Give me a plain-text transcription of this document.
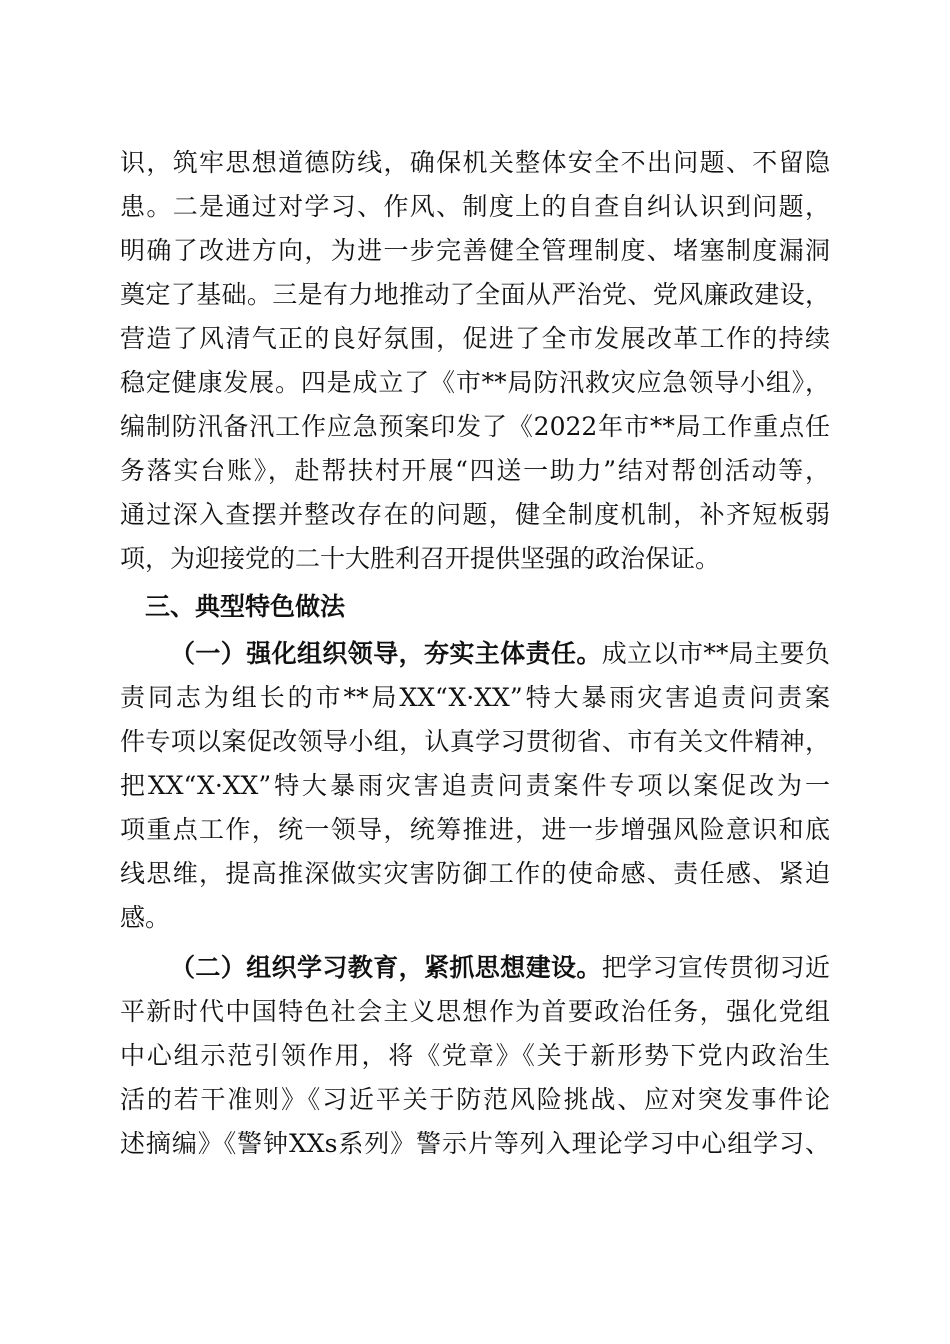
识，筑牢思想道德防线，确保机关整体安全不出问题、不留隐
患。二是通过对学习、作风、制度上的自查自纠认识到问题，
明确了改进方向，为进一步完善健全管理制度、堵塞制度漏洞
奠定了基础。三是有力地推动了全面从严治党、党风廉政建设，
营造了风清气正的良好氛围，促进了全市发展改革工作的持续
稳定健康发展。四是成立了《市**局防汛救灾应急领导小组》，
编制防汛备汛工作应急预案印发了《2022年市**局工作重点任
务落实台账》，赴帮扶村开展“四送一助力”结对帮创活动等，
通过深入查摆并整改存在的问题，健全制度机制，补齐短板弱
项，为迎接党的二十大胜利召开提供坚强的政治保证。
三、典型特色做法
（一）强化组织领导，夯实主体责任。成立以市**局主要负
责同志为组长的市**局XX“X·XX”特大暴雨灾害追责问责案
件专项以案促改领导小组，认真学习贯彻省、市有关文件精神，
把XX“X·XX”特大暴雨灾害追责问责案件专项以案促改为一
项重点工作，统一领导，统筹推进，进一步增强风险意识和底
线思维，提高推深做实灾害防御工作的使命感、责任感、紧迫
感。
（二）组织学习教育，紧抓思想建设。把学习宣传贯彻习近
平新时代中国特色社会主义思想作为首要政治任务，强化党组
中心组示范引领作用，将《党章》《关于新形势下党内政治生
活的若干准则》《习近平关于防范风险挑战、应对突发事件论
述摘编》《警钟XXs系列》警示片等列入理论学习中心组学习、
